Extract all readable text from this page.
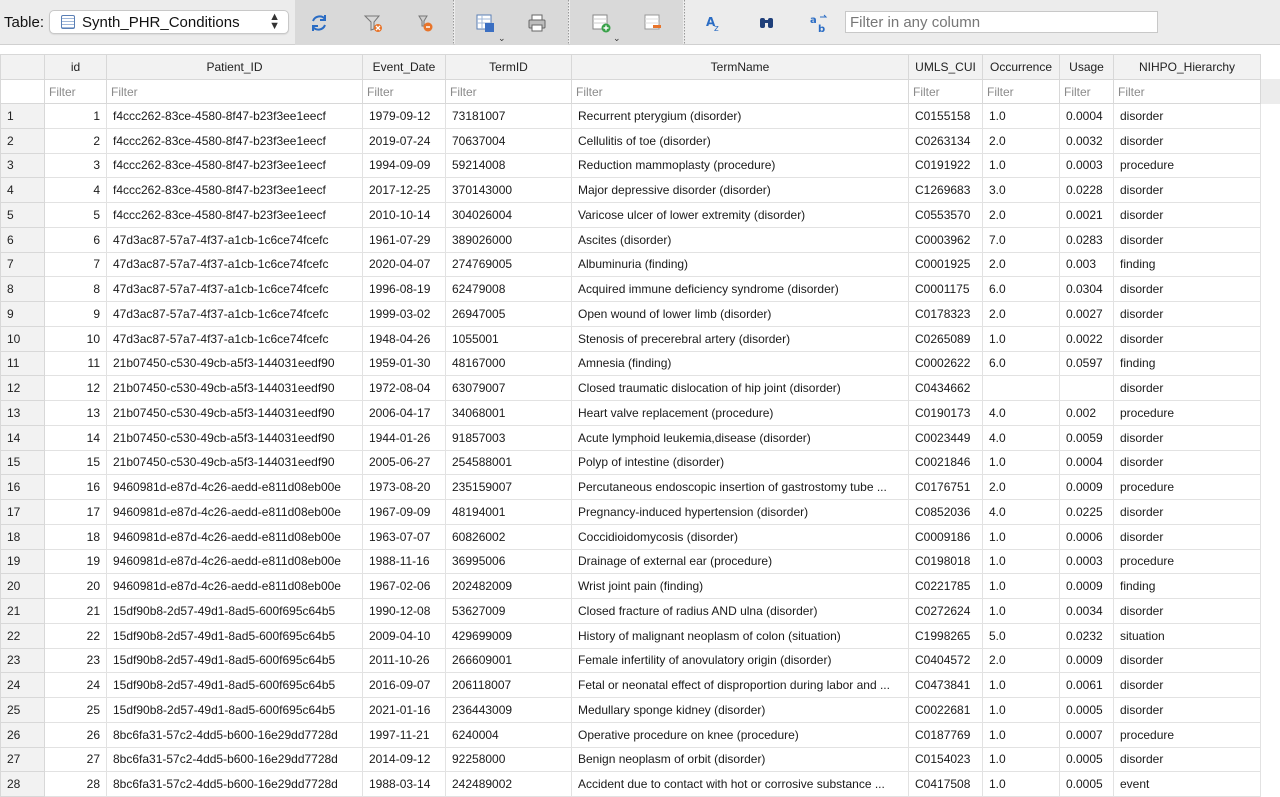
Table:	Synth_PHR_Conditions	▲
▼
⌄	⌄
A
z
a
b
Filter in any column
	id	Patient_ID	Event_Date	TermID	TermName	UMLS_CUI	Occurrence	Usage	NIHPO_Hierarchy
	Filter	Filter	Filter	Filter	Filter	Filter	Filter	Filter	Filter
1	1	f4ccc262-83ce-4580-8f47-b23f3ee1eecf	1979-09-12	73181007	Recurrent pterygium (disorder)	C0155158	1.0	0.0004	disorder
2	2	f4ccc262-83ce-4580-8f47-b23f3ee1eecf	2019-07-24	70637004	Cellulitis of toe (disorder)	C0263134	2.0	0.0032	disorder
3	3	f4ccc262-83ce-4580-8f47-b23f3ee1eecf	1994-09-09	59214008	Reduction mammoplasty (procedure)	C0191922	1.0	0.0003	procedure
4	4	f4ccc262-83ce-4580-8f47-b23f3ee1eecf	2017-12-25	370143000	Major depressive disorder (disorder)	C1269683	3.0	0.0228	disorder
5	5	f4ccc262-83ce-4580-8f47-b23f3ee1eecf	2010-10-14	304026004	Varicose ulcer of lower extremity (disorder)	C0553570	2.0	0.0021	disorder
6	6	47d3ac87-57a7-4f37-a1cb-1c6ce74fcefc	1961-07-29	389026000	Ascites (disorder)	C0003962	7.0	0.0283	disorder
7	7	47d3ac87-57a7-4f37-a1cb-1c6ce74fcefc	2020-04-07	274769005	Albuminuria (finding)	C0001925	2.0	0.003	finding
8	8	47d3ac87-57a7-4f37-a1cb-1c6ce74fcefc	1996-08-19	62479008	Acquired immune deficiency syndrome (disorder)	C0001175	6.0	0.0304	disorder
9	9	47d3ac87-57a7-4f37-a1cb-1c6ce74fcefc	1999-03-02	26947005	Open wound of lower limb (disorder)	C0178323	2.0	0.0027	disorder
10	10	47d3ac87-57a7-4f37-a1cb-1c6ce74fcefc	1948-04-26	1055001	Stenosis of precerebral artery (disorder)	C0265089	1.0	0.0022	disorder
11	11	21b07450-c530-49cb-a5f3-144031eedf90	1959-01-30	48167000	Amnesia (finding)	C0002622	6.0	0.0597	finding
12	12	21b07450-c530-49cb-a5f3-144031eedf90	1972-08-04	63079007	Closed traumatic dislocation of hip joint (disorder)	C0434662			disorder
13	13	21b07450-c530-49cb-a5f3-144031eedf90	2006-04-17	34068001	Heart valve replacement (procedure)	C0190173	4.0	0.002	procedure
14	14	21b07450-c530-49cb-a5f3-144031eedf90	1944-01-26	91857003	Acute lymphoid leukemia,disease (disorder)	C0023449	4.0	0.0059	disorder
15	15	21b07450-c530-49cb-a5f3-144031eedf90	2005-06-27	254588001	Polyp of intestine (disorder)	C0021846	1.0	0.0004	disorder
16	16	9460981d-e87d-4c26-aedd-e811d08eb00e	1973-08-20	235159007	Percutaneous endoscopic insertion of gastrostomy tube ...	C0176751	2.0	0.0009	procedure
17	17	9460981d-e87d-4c26-aedd-e811d08eb00e	1967-09-09	48194001	Pregnancy-induced hypertension (disorder)	C0852036	4.0	0.0225	disorder
18	18	9460981d-e87d-4c26-aedd-e811d08eb00e	1963-07-07	60826002	Coccidioidomycosis (disorder)	C0009186	1.0	0.0006	disorder
19	19	9460981d-e87d-4c26-aedd-e811d08eb00e	1988-11-16	36995006	Drainage of external ear (procedure)	C0198018	1.0	0.0003	procedure
20	20	9460981d-e87d-4c26-aedd-e811d08eb00e	1967-02-06	202482009	Wrist joint pain (finding)	C0221785	1.0	0.0009	finding
21	21	15df90b8-2d57-49d1-8ad5-600f695c64b5	1990-12-08	53627009	Closed fracture of radius AND ulna (disorder)	C0272624	1.0	0.0034	disorder
22	22	15df90b8-2d57-49d1-8ad5-600f695c64b5	2009-04-10	429699009	History of malignant neoplasm of colon (situation)	C1998265	5.0	0.0232	situation
23	23	15df90b8-2d57-49d1-8ad5-600f695c64b5	2011-10-26	266609001	Female infertility of anovulatory origin (disorder)	C0404572	2.0	0.0009	disorder
24	24	15df90b8-2d57-49d1-8ad5-600f695c64b5	2016-09-07	206118007	Fetal or neonatal effect of disproportion during labor and ...	C0473841	1.0	0.0061	disorder
25	25	15df90b8-2d57-49d1-8ad5-600f695c64b5	2021-01-16	236443009	Medullary sponge kidney (disorder)	C0022681	1.0	0.0005	disorder
26	26	8bc6fa31-57c2-4dd5-b600-16e29dd7728d	1997-11-21	6240004	Operative procedure on knee (procedure)	C0187769	1.0	0.0007	procedure
27	27	8bc6fa31-57c2-4dd5-b600-16e29dd7728d	2014-09-12	92258000	Benign neoplasm of orbit (disorder)	C0154023	1.0	0.0005	disorder
28	28	8bc6fa31-57c2-4dd5-b600-16e29dd7728d	1988-03-14	242489002	Accident due to contact with hot or corrosive substance ...	C0417508	1.0	0.0005	event
